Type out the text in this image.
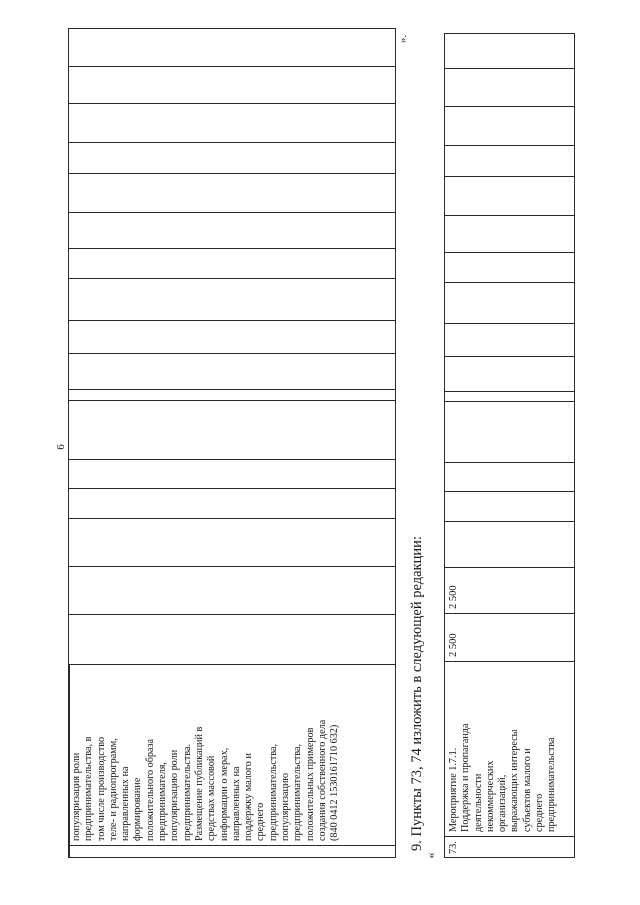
6
популяризация роли предпринимательства, в том числе производство теле- и радиопрограмм, направленных на формирование положительного образа предпринимателя, популяризацию роли предпринимательства. Размещение публикаций в средствах массовой информации о мерах, направленных на поддержку малого и среднего предпринимательства, популяризацию предпринимательства, положительных примеров создания собственного дела (840 0412 1530161710 632)
».
9. Пункты 73, 74 изложить в следующей редакции:
«
73.
Мероприятие 1.7.1. Поддержка и пропаганда деятельности некоммерческих организаций, выражающих интересы субъектов малого и среднего предпринимательства
2 500
2 500
